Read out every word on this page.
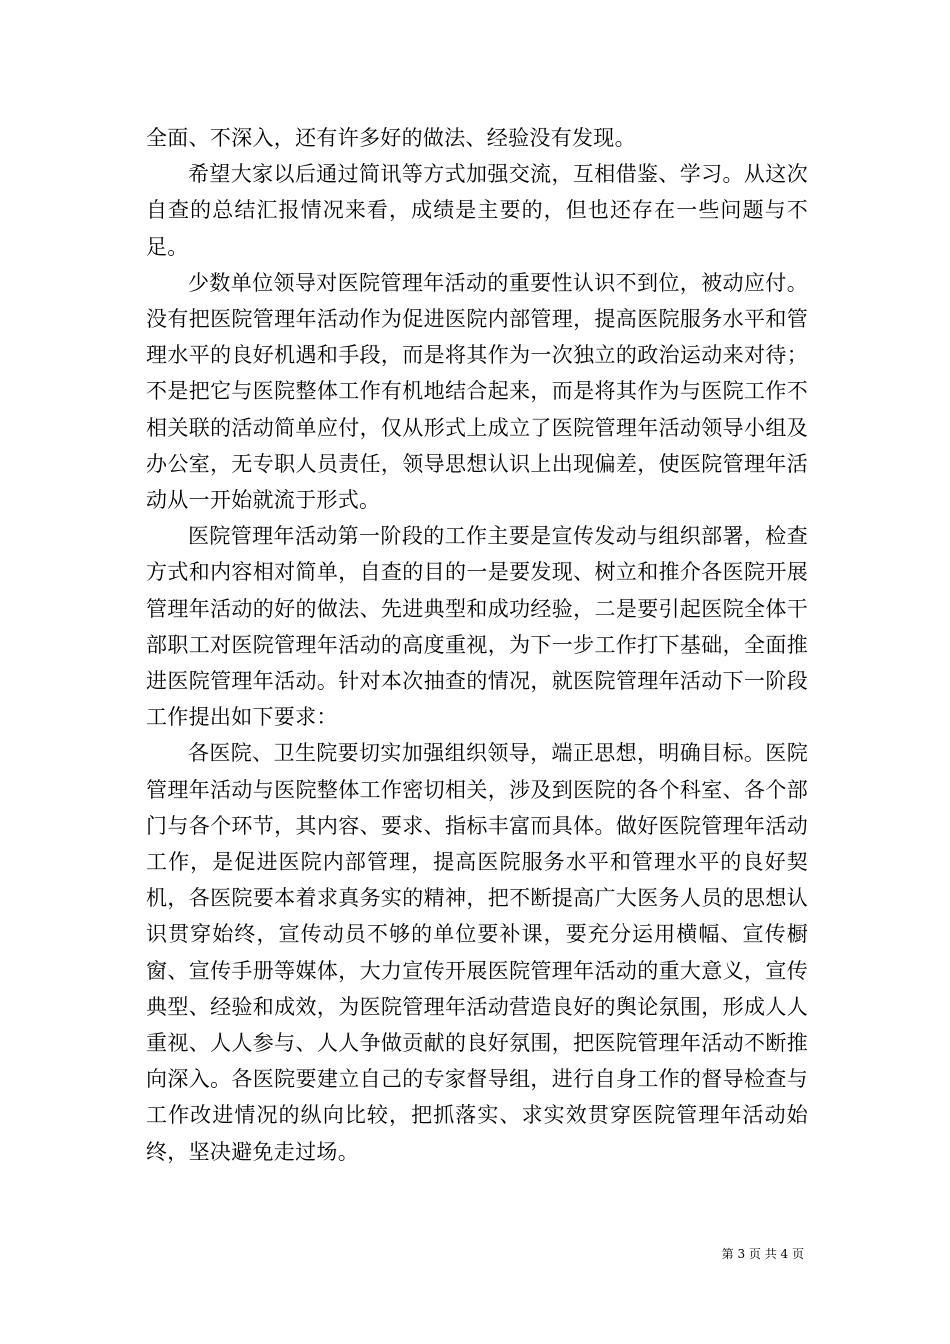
全面、不深入，还有许多好的做法、经验没有发现。

希望大家以后通过简讯等方式加强交流，互相借鉴、学习。从这次自查的总结汇报情况来看，成绩是主要的，但也还存在一些问题与不足。

少数单位领导对医院管理年活动的重要性认识不到位，被动应付。没有把医院管理年活动作为促进医院内部管理，提高医院服务水平和管理水平的良好机遇和手段，而是将其作为一次独立的政治运动来对待；不是把它与医院整体工作有机地结合起来，而是将其作为与医院工作不相关联的活动简单应付，仅从形式上成立了医院管理年活动领导小组及办公室，无专职人员责任，领导思想认识上出现偏差，使医院管理年活动从一开始就流于形式。

医院管理年活动第一阶段的工作主要是宣传发动与组织部署，检查方式和内容相对简单，自查的目的一是要发现、树立和推介各医院开展管理年活动的好的做法、先进典型和成功经验，二是要引起医院全体干部职工对医院管理年活动的高度重视，为下一步工作打下基础，全面推进医院管理年活动。针对本次抽查的情况，就医院管理年活动下一阶段工作提出如下要求：

各医院、卫生院要切实加强组织领导，端正思想，明确目标。医院管理年活动与医院整体工作密切相关，涉及到医院的各个科室、各个部门与各个环节，其内容、要求、指标丰富而具体。做好医院管理年活动工作，是促进医院内部管理，提高医院服务水平和管理水平的良好契机，各医院要本着求真务实的精神，把不断提高广大医务人员的思想认识贯穿始终，宣传动员不够的单位要补课，要充分运用横幅、宣传橱窗、宣传手册等媒体，大力宣传开展医院管理年活动的重大意义，宣传典型、经验和成效，为医院管理年活动营造良好的舆论氛围，形成人人重视、人人参与、人人争做贡献的良好氛围，把医院管理年活动不断推向深入。各医院要建立自己的专家督导组，进行自身工作的督导检查与工作改进情况的纵向比较，把抓落实、求实效贯穿医院管理年活动始终，坚决避免走过场。

第 3 页 共 4 页
